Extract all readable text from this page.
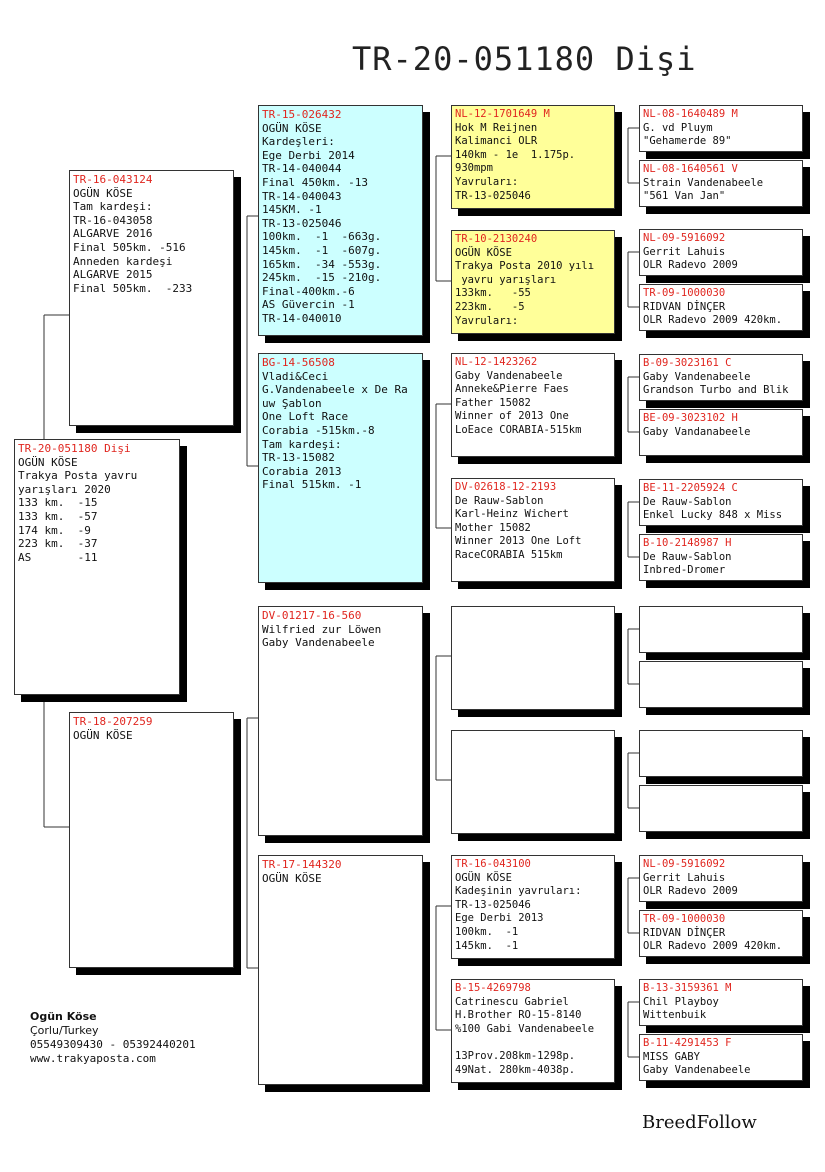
TR-20-051180 Dişi
TR-20-051180 Dişi
OGÜN KÖSE
Trakya Posta yavru
yarışları 2020
133 km.  -15
133 km.  -57
174 km.  -9
223 km.  -37
AS       -11
TR-16-043124
OGÜN KÖSE
Tam kardeşi:
TR-16-043058
ALGARVE 2016
Final 505km. -516
Anneden kardeşi
ALGARVE 2015
Final 505km.  -233
TR-18-207259
OGÜN KÖSE
TR-15-026432
OGÜN KÖSE
Kardeşleri:
Ege Derbi 2014
TR-14-040044
Final 450km. -13
TR-14-040043
145KM. -1
TR-13-025046
100km.  -1  -663g.
145km.  -1  -607g.
165km.  -34 -553g.
245km.  -15 -210g.
Final-400km.-6
AS Güvercin -1
TR-14-040010
BG-14-56508
Vladi&Ceci
G.Vandenabeele x De Ra
uw Şablon
One Loft Race
Corabia -515km.-8
Tam kardeşi:
TR-13-15082
Corabia 2013
Final 515km. -1
DV-01217-16-560
Wilfried zur Löwen
Gaby Vandenabeele
TR-17-144320
OGÜN KÖSE
NL-12-1701649 M
Hok M Reijnen
Kalimanci OLR
140km - 1e  1.175p.
930mpm
Yavruları:
TR-13-025046
TR-10-2130240
OGÜN KÖSE
Trakya Posta 2010 yılı
yavru yarışları
133km.   -55
223km.   -5
Yavruları:
NL-12-1423262
Gaby Vandenabeele
Anneke&Pierre Faes
Father 15082
Winner of 2013 One
LoEace CORABIA-515km
DV-02618-12-2193
De Rauw-Sablon
Karl-Heinz Wichert
Mother 15082
Winner 2013 One Loft
RaceCORABIA 515km
TR-16-043100
OGÜN KÖSE
Kadeşinin yavruları:
TR-13-025046
Ege Derbi 2013
100km.  -1
145km.  -1
B-15-4269798
Catrinescu Gabriel
H.Brother RO-15-8140
%100 Gabi Vandenabeele

13Prov.208km-1298p.
49Nat. 280km-4038p.
NL-08-1640489 M
G. vd Pluym
"Gehamerde 89"
NL-08-1640561 V
Strain Vandenabeele
"561 Van Jan"
NL-09-5916092
Gerrit Lahuis
OLR Radevo 2009
TR-09-1000030
RIDVAN DİNÇER
OLR Radevo 2009 420km.
B-09-3023161 C
Gaby Vandenabeele
Grandson Turbo and Blik
BE-09-3023102 H
Gaby Vandanabeele
BE-11-2205924 C
De Rauw-Sablon
Enkel Lucky 848 x Miss
B-10-2148987 H
De Rauw-Sablon
Inbred-Dromer
NL-09-5916092
Gerrit Lahuis
OLR Radevo 2009
TR-09-1000030
RIDVAN DİNÇER
OLR Radevo 2009 420km.
B-13-3159361 M
Chil Playboy
Wittenbuik
B-11-4291453 F
MISS GABY
Gaby Vandenabeele
Ogün Köse
Çorlu/Turkey
05549309430 - 05392440201
www.trakyaposta.com
BreedFollow
